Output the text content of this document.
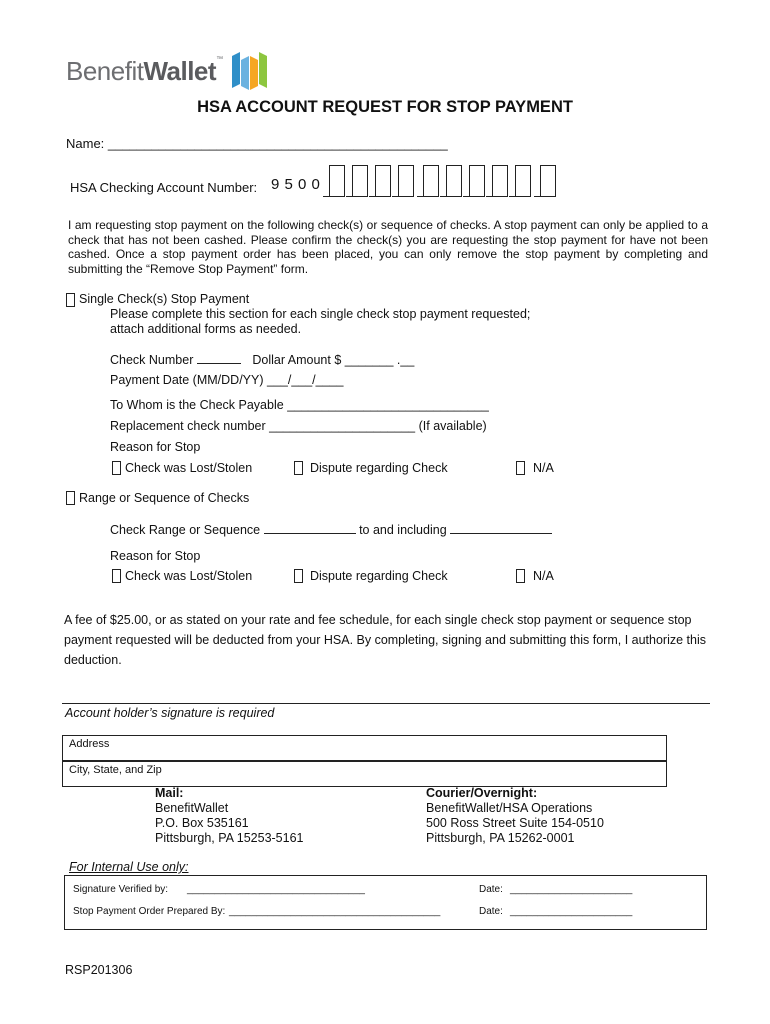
BenefitWallet™
HSA ACCOUNT REQUEST FOR STOP PAYMENT
Name: _______________________________________________
HSA Checking Account Number: 9 5 0 0
I am requesting stop payment on the following check(s) or sequence of checks. A stop payment can only be applied to a check that has not been cashed. Please confirm the check(s) you are requesting the stop payment for have not been cashed. Once a stop payment order has been placed, you can only remove the stop payment by completing and submitting the “Remove Stop Payment” form.
Single Check(s) Stop Payment
Please complete this section for each single check stop payment requested;
attach additional forms as needed.
Check Number	Dollar Amount $ _______ .__
Payment Date (MM/DD/YY) ___/___/____
To Whom is the Check Payable _____________________________
Replacement check number _____________________ (If available)
Reason for Stop
Check was Lost/Stolen	Dispute regarding Check	N/A
Range or Sequence of Checks
Check Range or Sequence	to and including
Reason for Stop
Check was Lost/Stolen	Dispute regarding Check	N/A
A fee of $25.00, or as stated on your rate and fee schedule, for each single check stop payment or sequence stop payment requested will be deducted from your HSA. By completing, signing and submitting this form, I authorize this deduction.
Account holder’s signature is required
Address
City, State, and Zip
Mail:
BenefitWallet
P.O. Box 535161
Pittsburgh, PA 15253-5161
Courier/Overnight:
BenefitWallet/HSA Operations
500 Ross Street Suite 154-0510
Pittsburgh, PA 15262-0001
For Internal Use only:
Signature Verified by: ________________________________	Date: ______________________
Stop Payment Order Prepared By: ______________________________________	Date: ______________________
RSP201306
